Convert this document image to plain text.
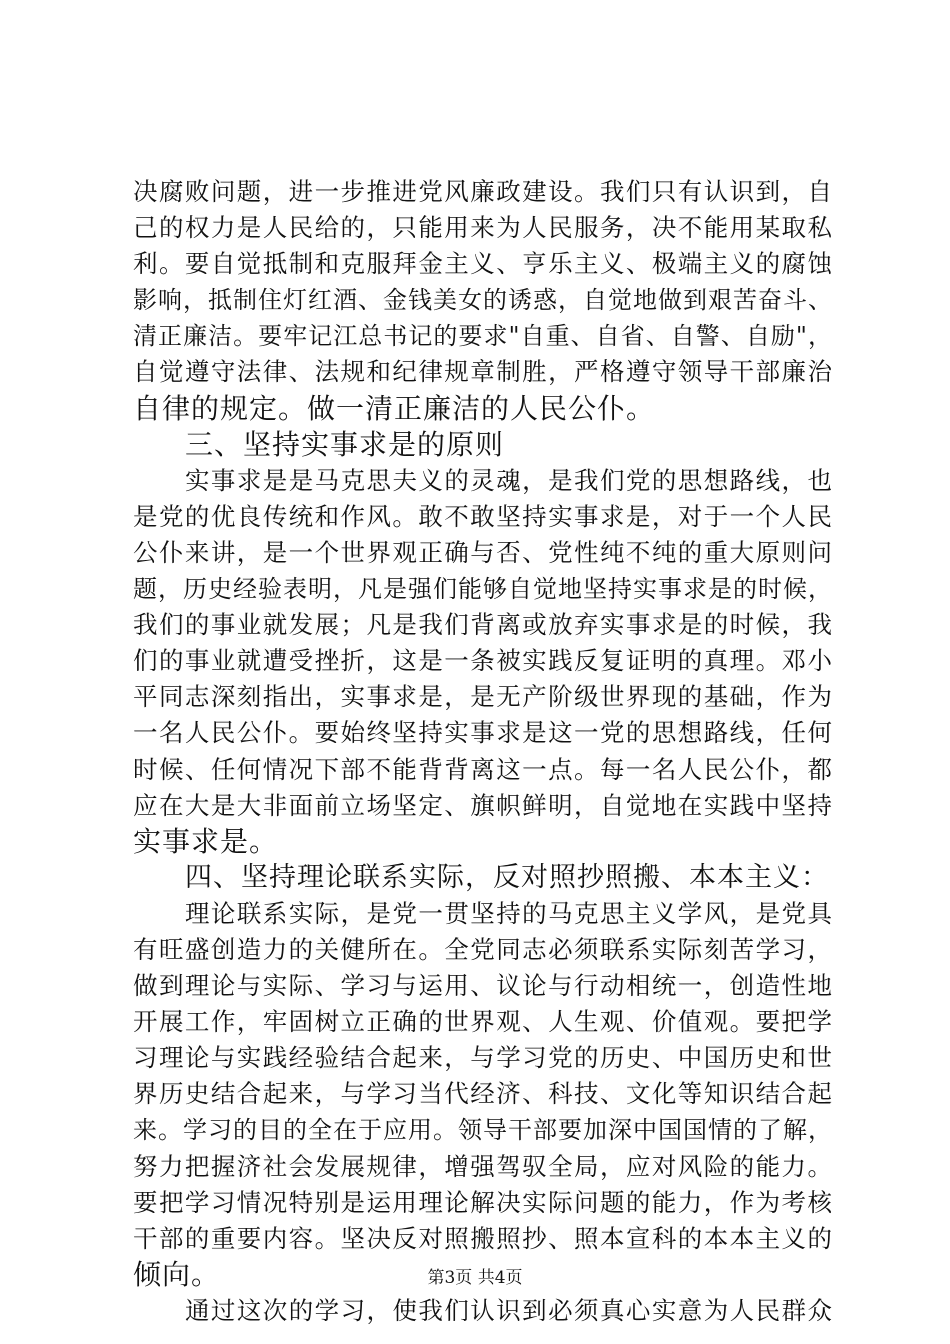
决腐败问题，进一步推进党风廉政建设。我们只有认识到，自
己的权力是人民给的，只能用来为人民服务，决不能用某取私
利。要自觉抵制和克服拜金主义、亨乐主义、极端主义的腐蚀
影响，抵制住灯红酒、金钱美女的诱惑，自觉地做到艰苦奋斗、
清正廉洁。要牢记江总书记的要求"自重、自省、自警、自励"，
自觉遵守法律、法规和纪律规章制胜，严格遵守领导干部廉治
自律的规定。做一清正廉洁的人民公仆。
三、坚持实事求是的原则
实事求是是马克思夫义的灵魂，是我们党的思想路线，也
是党的优良传统和作风。敢不敢坚持实事求是，对于一个人民
公仆来讲，是一个世界观正确与否、党性纯不纯的重大原则问
题，历史经验表明，凡是强们能够自觉地坚持实事求是的时候，
我们的事业就发展；凡是我们背离或放弃实事求是的时候，我
们的事业就遭受挫折，这是一条被实践反复证明的真理。邓小
平同志深刻指出，实事求是，是无产阶级世界现的基础，作为
一名人民公仆。要始终坚持实事求是这一党的思想路线，任何
时候、任何情况下部不能背背离这一点。每一名人民公仆，都
应在大是大非面前立场坚定、旗帜鲜明，自觉地在实践中坚持
实事求是。
四、坚持理论联系实际，反对照抄照搬、本本主义：
理论联系实际，是党一贯坚持的马克思主义学风，是党具
有旺盛创造力的关健所在。全党同志必须联系实际刻苦学习，
做到理论与实际、学习与运用、议论与行动相统一，创造性地
开展工作，牢固树立正确的世界观、人生观、价值观。要把学
习理论与实践经验结合起来，与学习党的历史、中国历史和世
界历史结合起来，与学习当代经济、科技、文化等知识结合起
来。学习的目的全在于应用。领导干部要加深中国国情的了解，
努力把握济社会发展规律，增强驾驭全局，应对风险的能力。
要把学习情况特别是运用理论解决实际问题的能力，作为考核
干部的重要内容。坚决反对照搬照抄、照本宣科的本本主义的
倾向。
通过这次的学习，使我们认识到必须真心实意为人民群众
第3页 共4页
